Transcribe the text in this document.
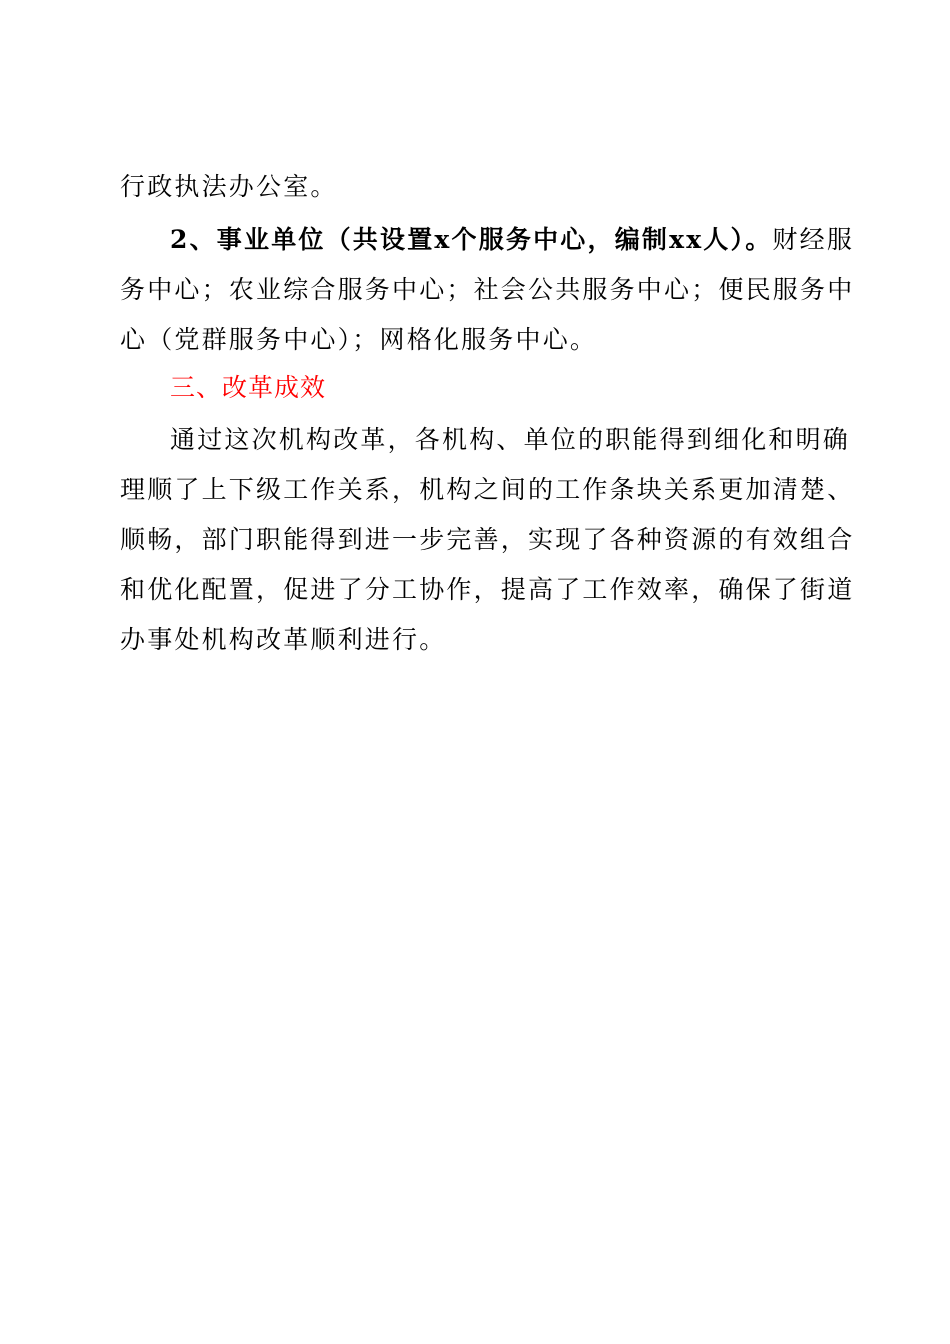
行政执法办公室。
2、事业单位（共设置x个服务中心，编制xx人）。财经服
务中心；农业综合服务中心；社会公共服务中心；便民服务中
心（党群服务中心）；网格化服务中心。
三、改革成效
通过这次机构改革，各机构、单位的职能得到细化和明确
理顺了上下级工作关系，机构之间的工作条块关系更加清楚、
顺畅，部门职能得到进一步完善，实现了各种资源的有效组合
和优化配置，促进了分工协作，提高了工作效率，确保了街道
办事处机构改革顺利进行。
